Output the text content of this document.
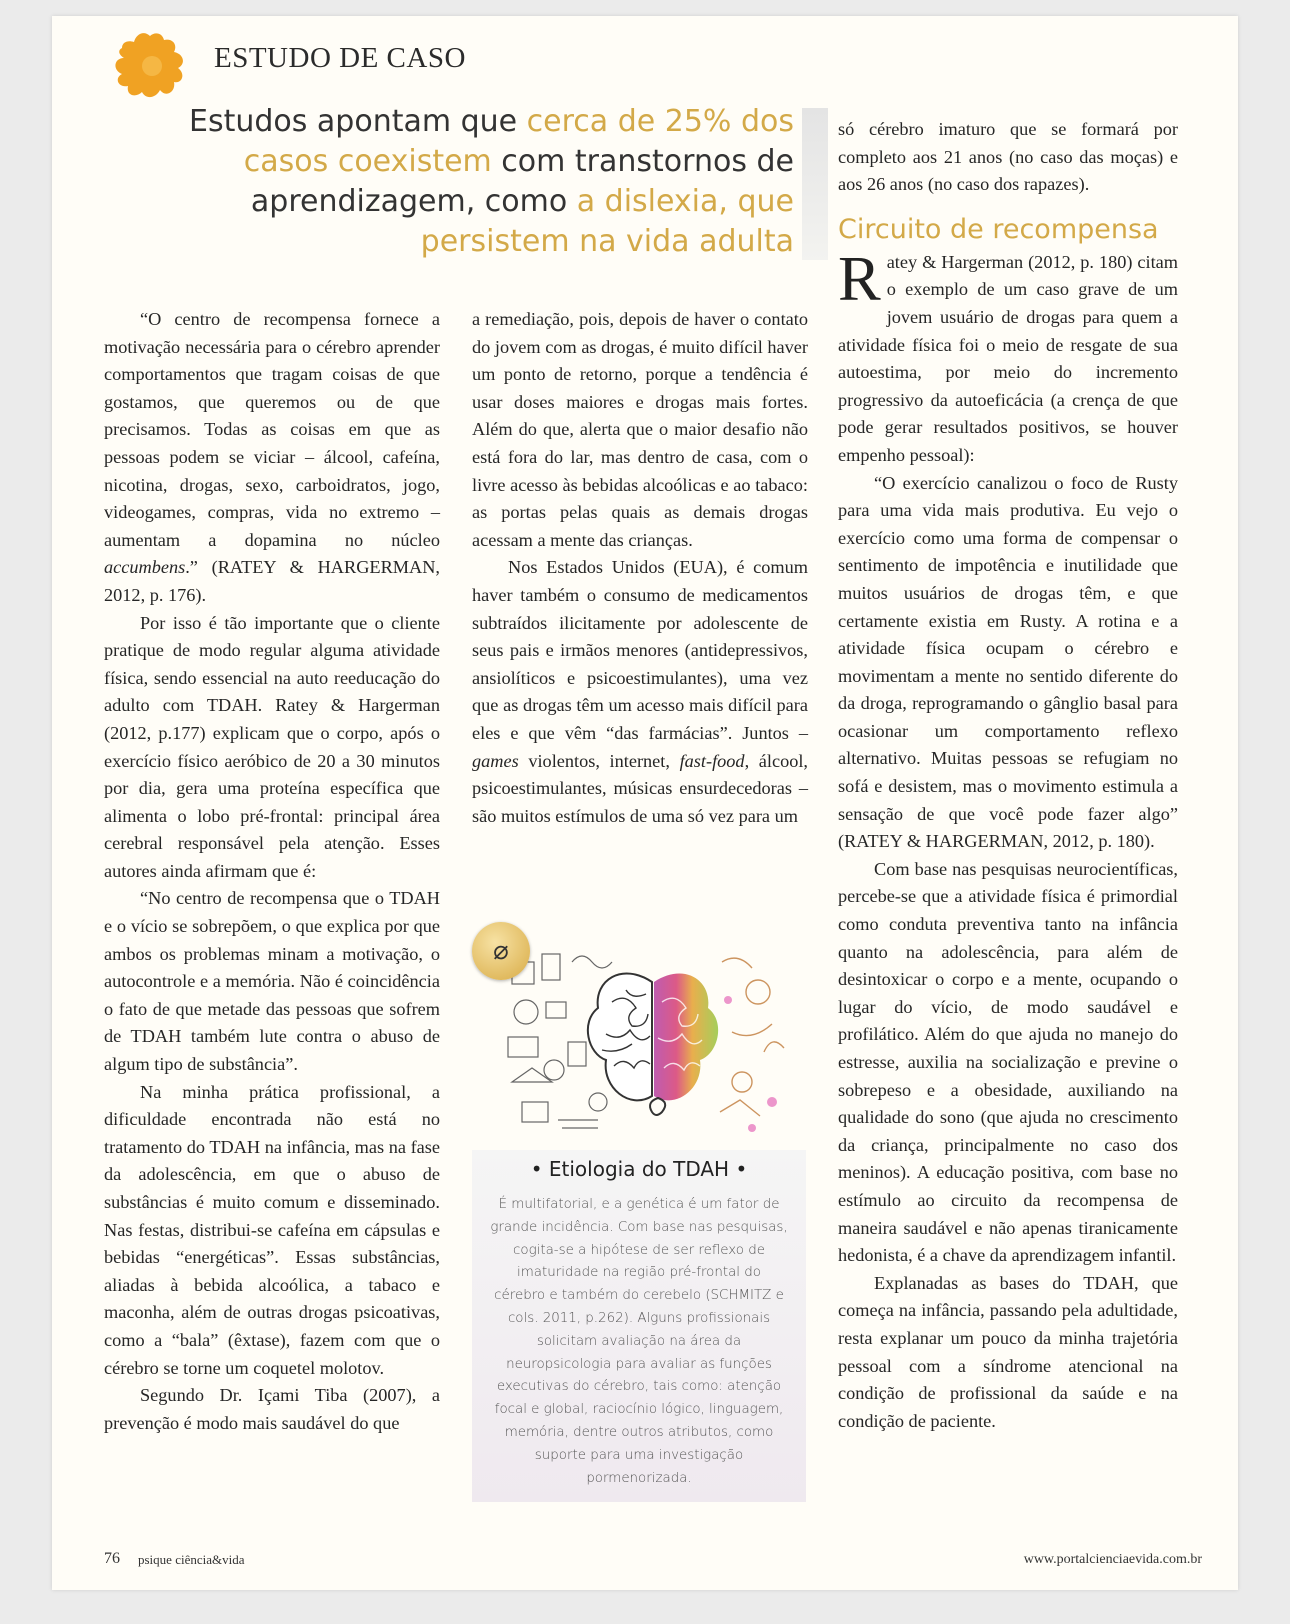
ESTUDO DE CASO
Estudos apontam que cerca de 25% dos casos coexistem com transtornos de aprendizagem, como a dislexia, que persistem na vida adulta

“O centro de recompensa fornece a motivação necessária para o cérebro aprender comportamentos que tragam coisas de que gostamos, que queremos ou de que precisamos. Todas as coisas em que as pessoas podem se viciar – álcool, cafeína, nicotina, drogas, sexo, carboidratos, jogo, videogames, compras, vida no extremo – aumentam a dopamina no núcleo accumbens.” (RATEY & HARGERMAN, 2012, p. 176).

Por isso é tão importante que o cliente pratique de modo regular alguma atividade física, sendo essencial na auto reeducação do adulto com TDAH. Ratey & Hargerman (2012, p.177) explicam que o corpo, após o exercício físico aeróbico de 20 a 30 minutos por dia, gera uma proteína específica que alimenta o lobo pré-frontal: principal área cerebral responsável pela atenção. Esses autores ainda afirmam que é:

“No centro de recompensa que o TDAH e o vício se sobrepõem, o que explica por que ambos os problemas minam a motivação, o autocontrole e a memória. Não é coincidência o fato de que metade das pessoas que sofrem de TDAH também lute contra o abuso de algum tipo de substância”.

Na minha prática profissional, a dificuldade encontrada não está no tratamento do TDAH na infância, mas na fase da adolescência, em que o abuso de substâncias é muito comum e disseminado. Nas festas, distribui-se cafeína em cápsulas e bebidas “energéticas”. Essas substâncias, aliadas à bebida alcoólica, a tabaco e maconha, além de outras drogas psicoativas, como a “bala” (êxtase), fazem com que o cérebro se torne um coquetel molotov.

Segundo Dr. Içami Tiba (2007), a prevenção é modo mais saudável do que

a remediação, pois, depois de haver o contato do jovem com as drogas, é muito difícil haver um ponto de retorno, porque a tendência é usar doses maiores e drogas mais fortes. Além do que, alerta que o maior desafio não está fora do lar, mas dentro de casa, com o livre acesso às bebidas alcoólicas e ao tabaco: as portas pelas quais as demais drogas acessam a mente das crianças.

Nos Estados Unidos (EUA), é comum haver também o consumo de medicamentos subtraídos ilicitamente por adolescente de seus pais e irmãos menores (antidepressivos, ansiolíticos e psicoestimulantes), uma vez que as drogas têm um acesso mais difícil para eles e que vêm “das farmácias”. Juntos – games violentos, internet, fast-food, álcool, psicoestimulantes, músicas ensurdecedoras – são muitos estímulos de uma só vez para um

⌀
• Etiologia do TDAH •
É multifatorial, e a genética é um fator de grande incidência. Com base nas pesquisas, cogita-se a hipótese de ser reflexo de imaturidade na região pré-frontal do cérebro e também do cerebelo (SCHMITZ e cols. 2011, p.262). Alguns profissionais solicitam avaliação na área da neuropsicologia para avaliar as funções executivas do cérebro, tais como: atenção focal e global, raciocínio lógico, linguagem, memória, dentre outros atributos, como suporte para uma investigação pormenorizada.

só cérebro imaturo que se formará por completo aos 21 anos (no caso das moças) e aos 26 anos (no caso dos rapazes).

Circuito de recompensa

Ratey & Hargerman (2012, p. 180) citam o exemplo de um caso grave de um jovem usuário de drogas para quem a atividade física foi o meio de resgate de sua autoestima, por meio do incremento progressivo da autoeficácia (a crença de que pode gerar resultados positivos, se houver empenho pessoal):

“O exercício canalizou o foco de Rusty para uma vida mais produtiva. Eu vejo o exercício como uma forma de compensar o sentimento de impotência e inutilidade que muitos usuários de drogas têm, e que certamente existia em Rusty. A rotina e a atividade física ocupam o cérebro e movimentam a mente no sentido diferente do da droga, reprogramando o gânglio basal para ocasionar um comportamento reflexo alternativo. Muitas pessoas se refugiam no sofá e desistem, mas o movimento estimula a sensação de que você pode fazer algo” (RATEY & HARGERMAN, 2012, p. 180).

Com base nas pesquisas neurocientíficas, percebe-se que a atividade física é primordial como conduta preventiva tanto na infância quanto na adolescência, para além de desintoxicar o corpo e a mente, ocupando o lugar do vício, de modo saudável e profilático. Além do que ajuda no manejo do estresse, auxilia na socialização e previne o sobrepeso e a obesidade, auxiliando na qualidade do sono (que ajuda no crescimento da criança, principalmente no caso dos meninos). A educação positiva, com base no estímulo ao circuito da recompensa de maneira saudável e não apenas tiranicamente hedonista, é a chave da aprendizagem infantil.

Explanadas as bases do TDAH, que começa na infância, passando pela adultidade, resta explanar um pouco da minha trajetória pessoal com a síndrome atencional na condição de profissional da saúde e na condição de paciente.

76 psique ciência&vida	www.portalcienciaevida.com.br
